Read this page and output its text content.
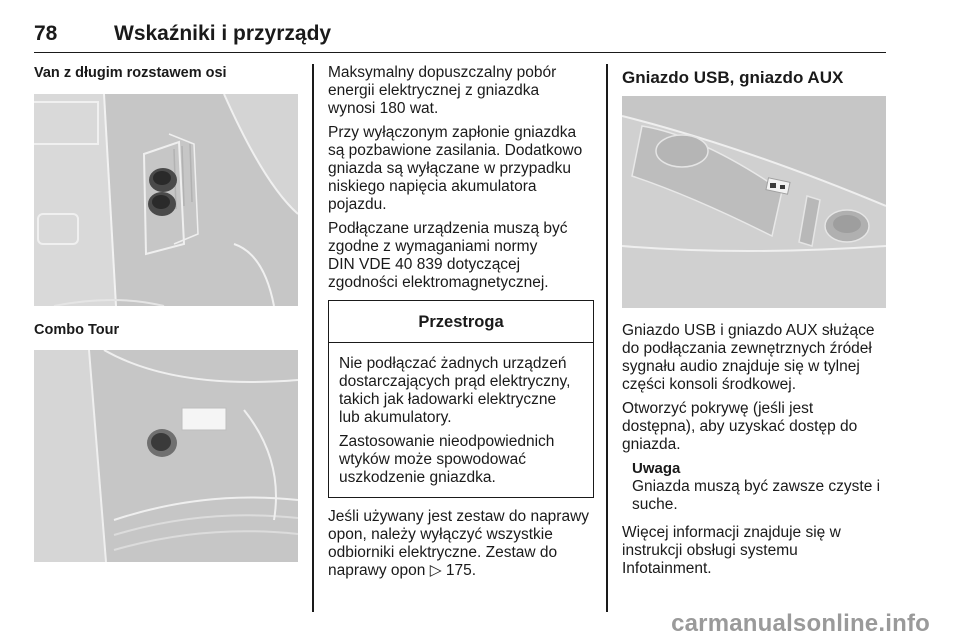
78	Wskaźniki i przyrządy
Van z długim rozstawem osi
Combo Tour

Maksymalny dopuszczalny pobór
energii elektrycznej z gniazdka
wynosi 180 wat.

Przy wyłączonym zapłonie gniazdka
są pozbawione zasilania. Dodatkowo
gniazda są wyłączane w przypadku
niskiego napięcia akumulatora
pojazdu.

Podłączane urządzenia muszą być
zgodne z wymaganiami normy
DIN VDE 40 839 dotyczącej
zgodności elektromagnetycznej.

Przestroga

Nie podłączać żadnych urządzeń
dostarczających prąd elektryczny,
takich jak ładowarki elektryczne
lub akumulatory.

Zastosowanie nieodpowiednich
wtyków może spowodować
uszkodzenie gniazdka.

Jeśli używany jest zestaw do naprawy
opon, należy wyłączyć wszystkie
odbiorniki elektryczne. Zestaw do
naprawy opon ▷ 175.

Gniazdo USB, gniazdo AUX

Gniazdo USB i gniazdo AUX służące
do podłączania zewnętrznych źródeł
sygnału audio znajduje się w tylnej
części konsoli środkowej.

Otworzyć pokrywę (jeśli jest
dostępna), aby uzyskać dostęp do
gniazda.

Uwaga

Gniazda muszą być zawsze czyste i
suche.

Więcej informacji znajduje się w
instrukcji obsługi systemu
Infotainment.

carmanualsonline.info
